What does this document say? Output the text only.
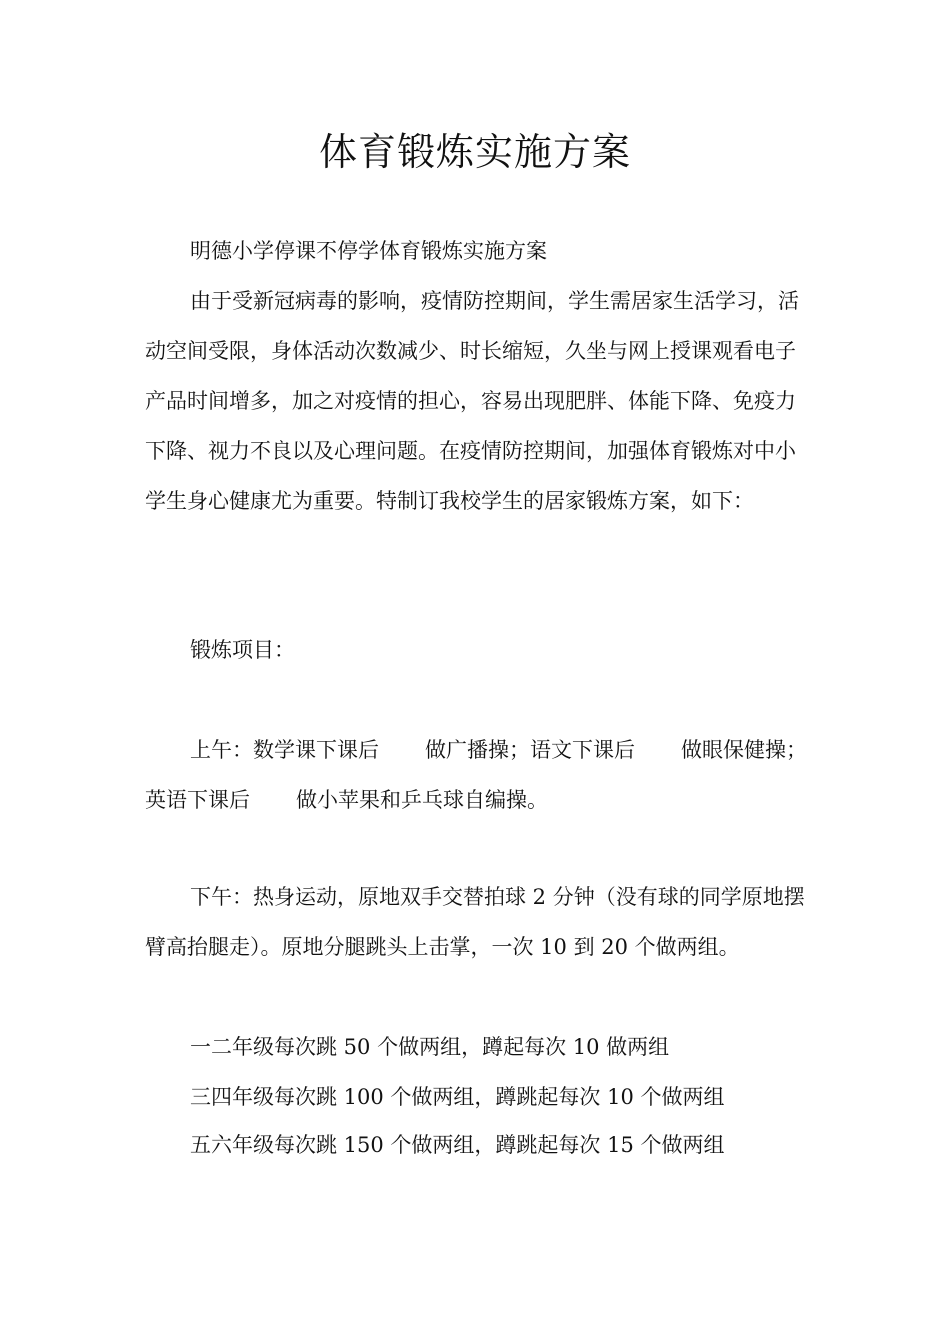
体育锻炼实施方案

明德小学停课不停学体育锻炼实施方案

由于受新冠病毒的影响，疫情防控期间，学生需居家生活学习，活动空间受限，身体活动次数减少、时长缩短，久坐与网上授课观看电子产品时间增多，加之对疫情的担心，容易出现肥胖、体能下降、免疫力下降、视力不良以及心理问题。在疫情防控期间，加强体育锻炼对中小学生身心健康尤为重要。特制订我校学生的居家锻炼方案，如下：

锻炼项目：

上午：数学课下课后 做广播操；语文下课后 做眼保健操；英语下课后 做小苹果和乒乓球自编操。

下午：热身运动，原地双手交替拍球 2 分钟（没有球的同学原地摆臂高抬腿走）。原地分腿跳头上击掌，一次 10 到 20 个做两组。

一二年级每次跳 50 个做两组，蹲起每次 10 做两组

三四年级每次跳 100 个做两组，蹲跳起每次 10 个做两组

五六年级每次跳 150 个做两组，蹲跳起每次 15 个做两组
